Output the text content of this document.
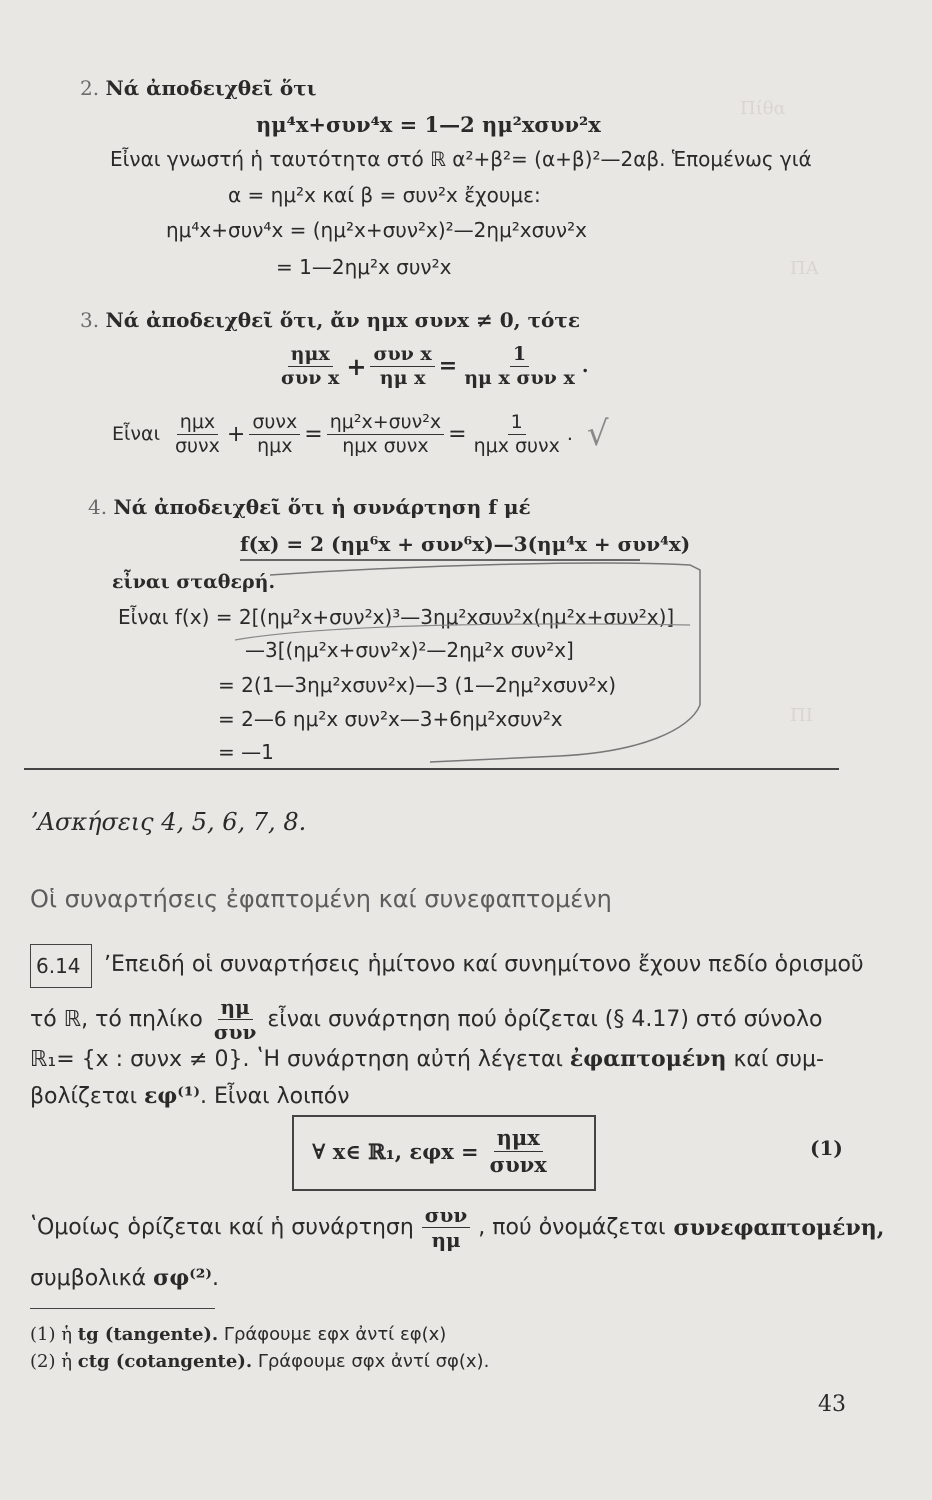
Πίθα
ΠΑ
ΠΙ
2. Νά ἀποδειχθεῖ ὅτι
ημ⁴x+συν⁴x = 1—2 ημ²xσυν²x
Εἶναι γνωστή ἡ ταυτότητα στό ℝ α²+β²= (α+β)²—2αβ. Ἑπομένως γιά
α = ημ²x καί β = συν²x ἔχουμε:
ημ⁴x+συν⁴x = (ημ²x+συν²x)²—2ημ²xσυν²x
= 1—2ημ²x συν²x
3. Νά ἀποδειχθεῖ ὅτι, ἄν ημx συνx ≠ 0, τότε
$\frac{\text{ημx}}{\text{συν x}} + \frac{\text{συν x}}{\text{ημ x}} = \frac{1}{\text{ημ x συν x}}$ .
Εἶναι $\frac{\text{ημx}}{\text{συνx}} + \frac{\text{συνx}}{\text{ημx}} = \frac{\text{ημ²x+συν²x}}{\text{ημx συνx}} = \frac{1}{\text{ημx συνx}}$ . √
4. Νά ἀποδειχθεῖ ὅτι ἡ συνάρτηση f μέ
f(x) = 2 (ημ⁶x + συν⁶x)—3(ημ⁴x + συν⁴x)
εἶναι σταθερή.
Εἶναι f(x) = 2[(ημ²x+συν²x)³—3ημ²xσυν²x(ημ²x+συν²x)]
—3[(ημ²x+συν²x)²—2ημ²x συν²x]
= 2(1—3ημ²xσυν²x)—3 (1—2ημ²xσυν²x)
= 2—6 ημ²x συν²x—3+6ημ²xσυν²x
= —1
ʼΑσκήσεις 4, 5, 6, 7, 8.
Οἱ συναρτήσεις ἐφαπτομένη καί συνεφαπτομένη
6.14 ʼΕπειδή οἱ συναρτήσεις ἡμίτονο καί συνημίτονο ἔχουν πεδίο ὁρισμοῦ
τό ℝ, τό πηλίκο $\frac{\eta\mu}{\text{συν}}$ εἶναι συνάρτηση πού ὁρίζεται (§ 4.17) στό σύνολο
ℝ₁= {x : συνx ≠ 0}. ʽΗ συνάρτηση αὐτή λέγεται ἐφαπτομένη καί συμ-
βολίζεται εφ⁽¹⁾. Εἶναι λοιπόν
∀ x∈ ℝ₁, $\varepsilon\varphi x = \frac{\text{ημx}}{\text{συνx}}$	(1)
ʽΟμοίως ὁρίζεται καί ἡ συνάρτηση $\frac{\text{συν}}{\eta\mu}$ , πού ὀνομάζεται συνεφαπτομένη,
συμβολικά σφ⁽²⁾.
(1) ἡ tg (tangente). Γράφουμε εφx ἀντί εφ(x)
(2) ἡ ctg (cotangente). Γράφουμε σφx ἀντί σφ(x).
43
